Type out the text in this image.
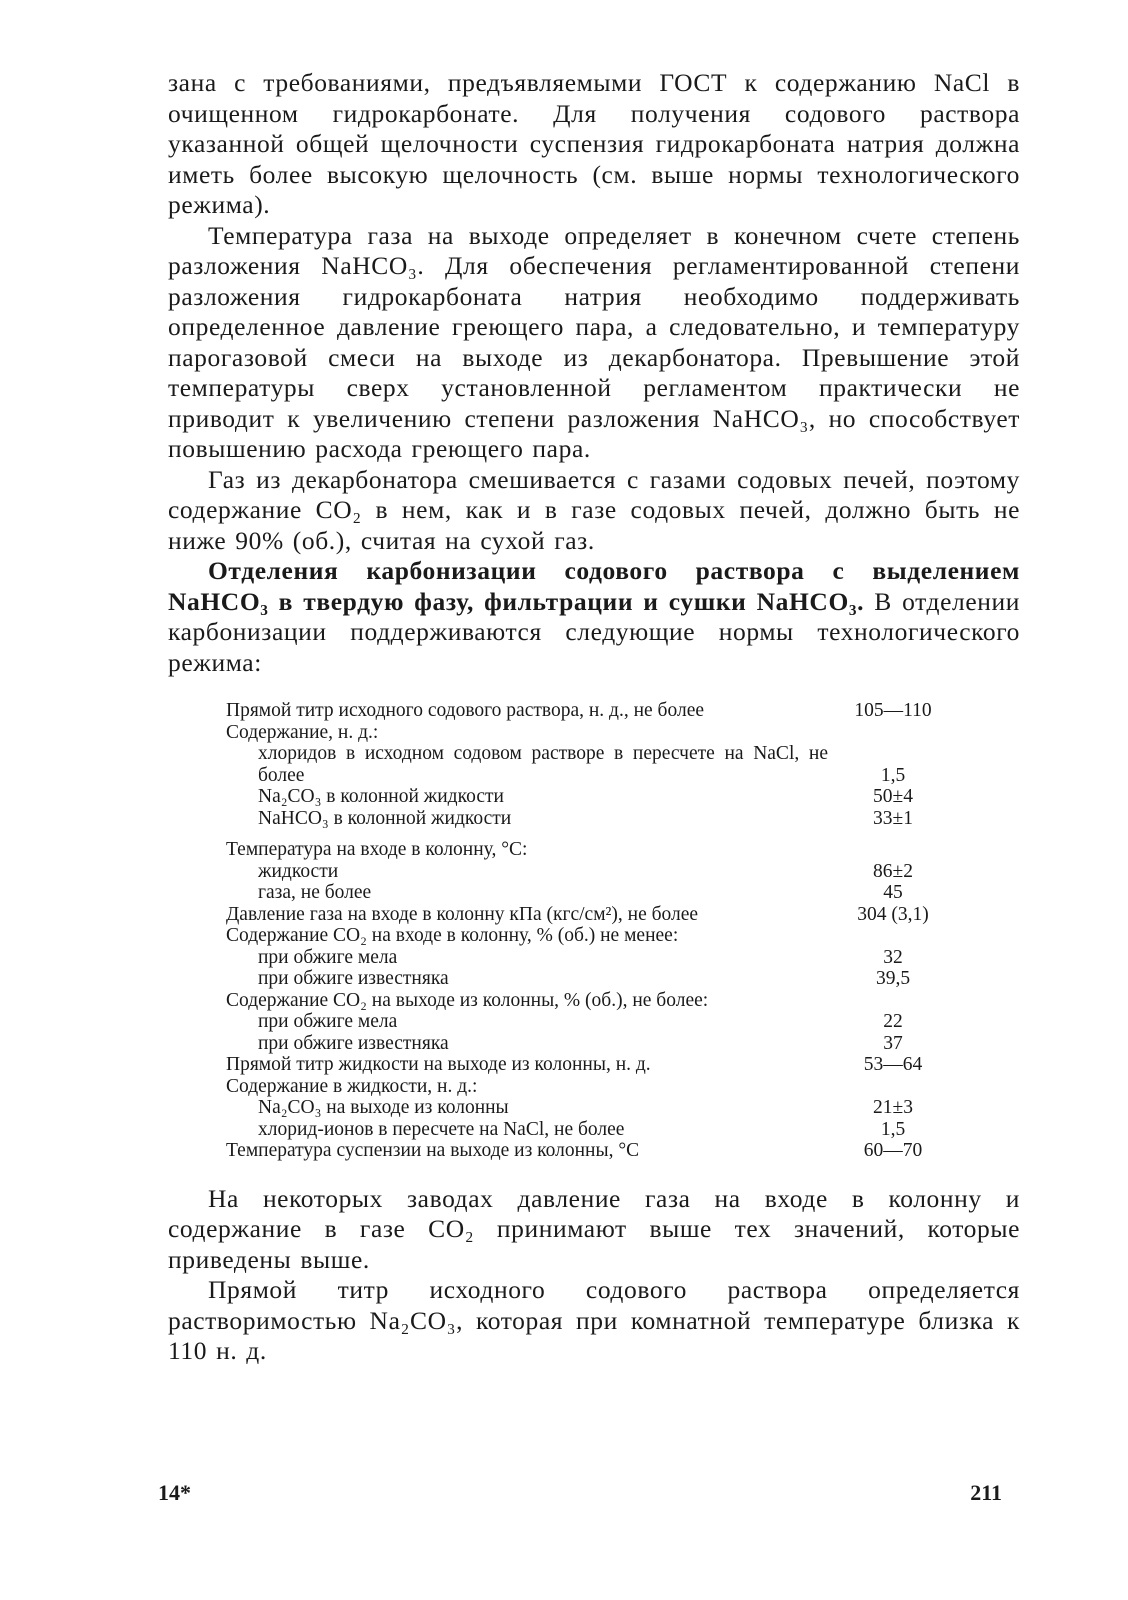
зана с требованиями, предъявляемыми ГОСТ к содержанию NaCl в очищенном гидрокарбонате. Для получения содового раствора указанной общей щелочности суспензия гидрокарбоната натрия должна иметь более высокую щелочность (см. выше нормы технологического режима).

Температура газа на выходе определяет в конечном счете степень разложения NaHCO₃. Для обеспечения регламентированной степени разложения гидрокарбоната натрия необходимо поддерживать определенное давление греющего пара, а следовательно, и температуру парогазовой смеси на выходе из декарбонатора. Превышение этой температуры сверх установленной регламентом практически не приводит к увеличению степени разложения NaHCO₃, но способствует повышению расхода греющего пара.

Газ из декарбонатора смешивается с газами содовых печей, поэтому содержание CO₂ в нем, как и в газе содовых печей, должно быть не ниже 90% (об.), считая на сухой газ.

Отделения карбонизации содового раствора с выделением NaHCO₃ в твердую фазу, фильтрации и сушки NaHCO₃. В отделении карбонизации поддерживаются следующие нормы технологического режима:

Прямой титр исходного содового раствора, н. д., не более	105—110
Содержание, н. д.:	
хлоридов в исходном содовом растворе в пересчете на NaCl, не более	1,5
Na₂CO₃ в колонной жидкости	50±4
NaHCO₃ в колонной жидкости	33±1
Температура на входе в колонну, °C:	
жидкости	86±2
газа, не более	45
Давление газа на входе в колонну кПа (кгс/см²), не более	304 (3,1)
Содержание CO₂ на входе в колонну, % (об.) не менее:	
при обжиге мела	32
при обжиге известняка	39,5
Содержание CO₂ на выходе из колонны, % (об.), не более:	
при обжиге мела	22
при обжиге известняка	37
Прямой титр жидкости на выходе из колонны, н. д.	53—64
Содержание в жидкости, н. д.:	
Na₂CO₃ на выходе из колонны	21±3
хлорид-ионов в пересчете на NaCl, не более	1,5
Температура суспензии на выходе из колонны, °C	60—70

На некоторых заводах давление газа на входе в колонну и содержание в газе CO₂ принимают выше тех значений, которые приведены выше.

Прямой титр исходного содового раствора определяется растворимостью Na₂CO₃, которая при комнатной температуре близка к 110 н. д.

14*	211
